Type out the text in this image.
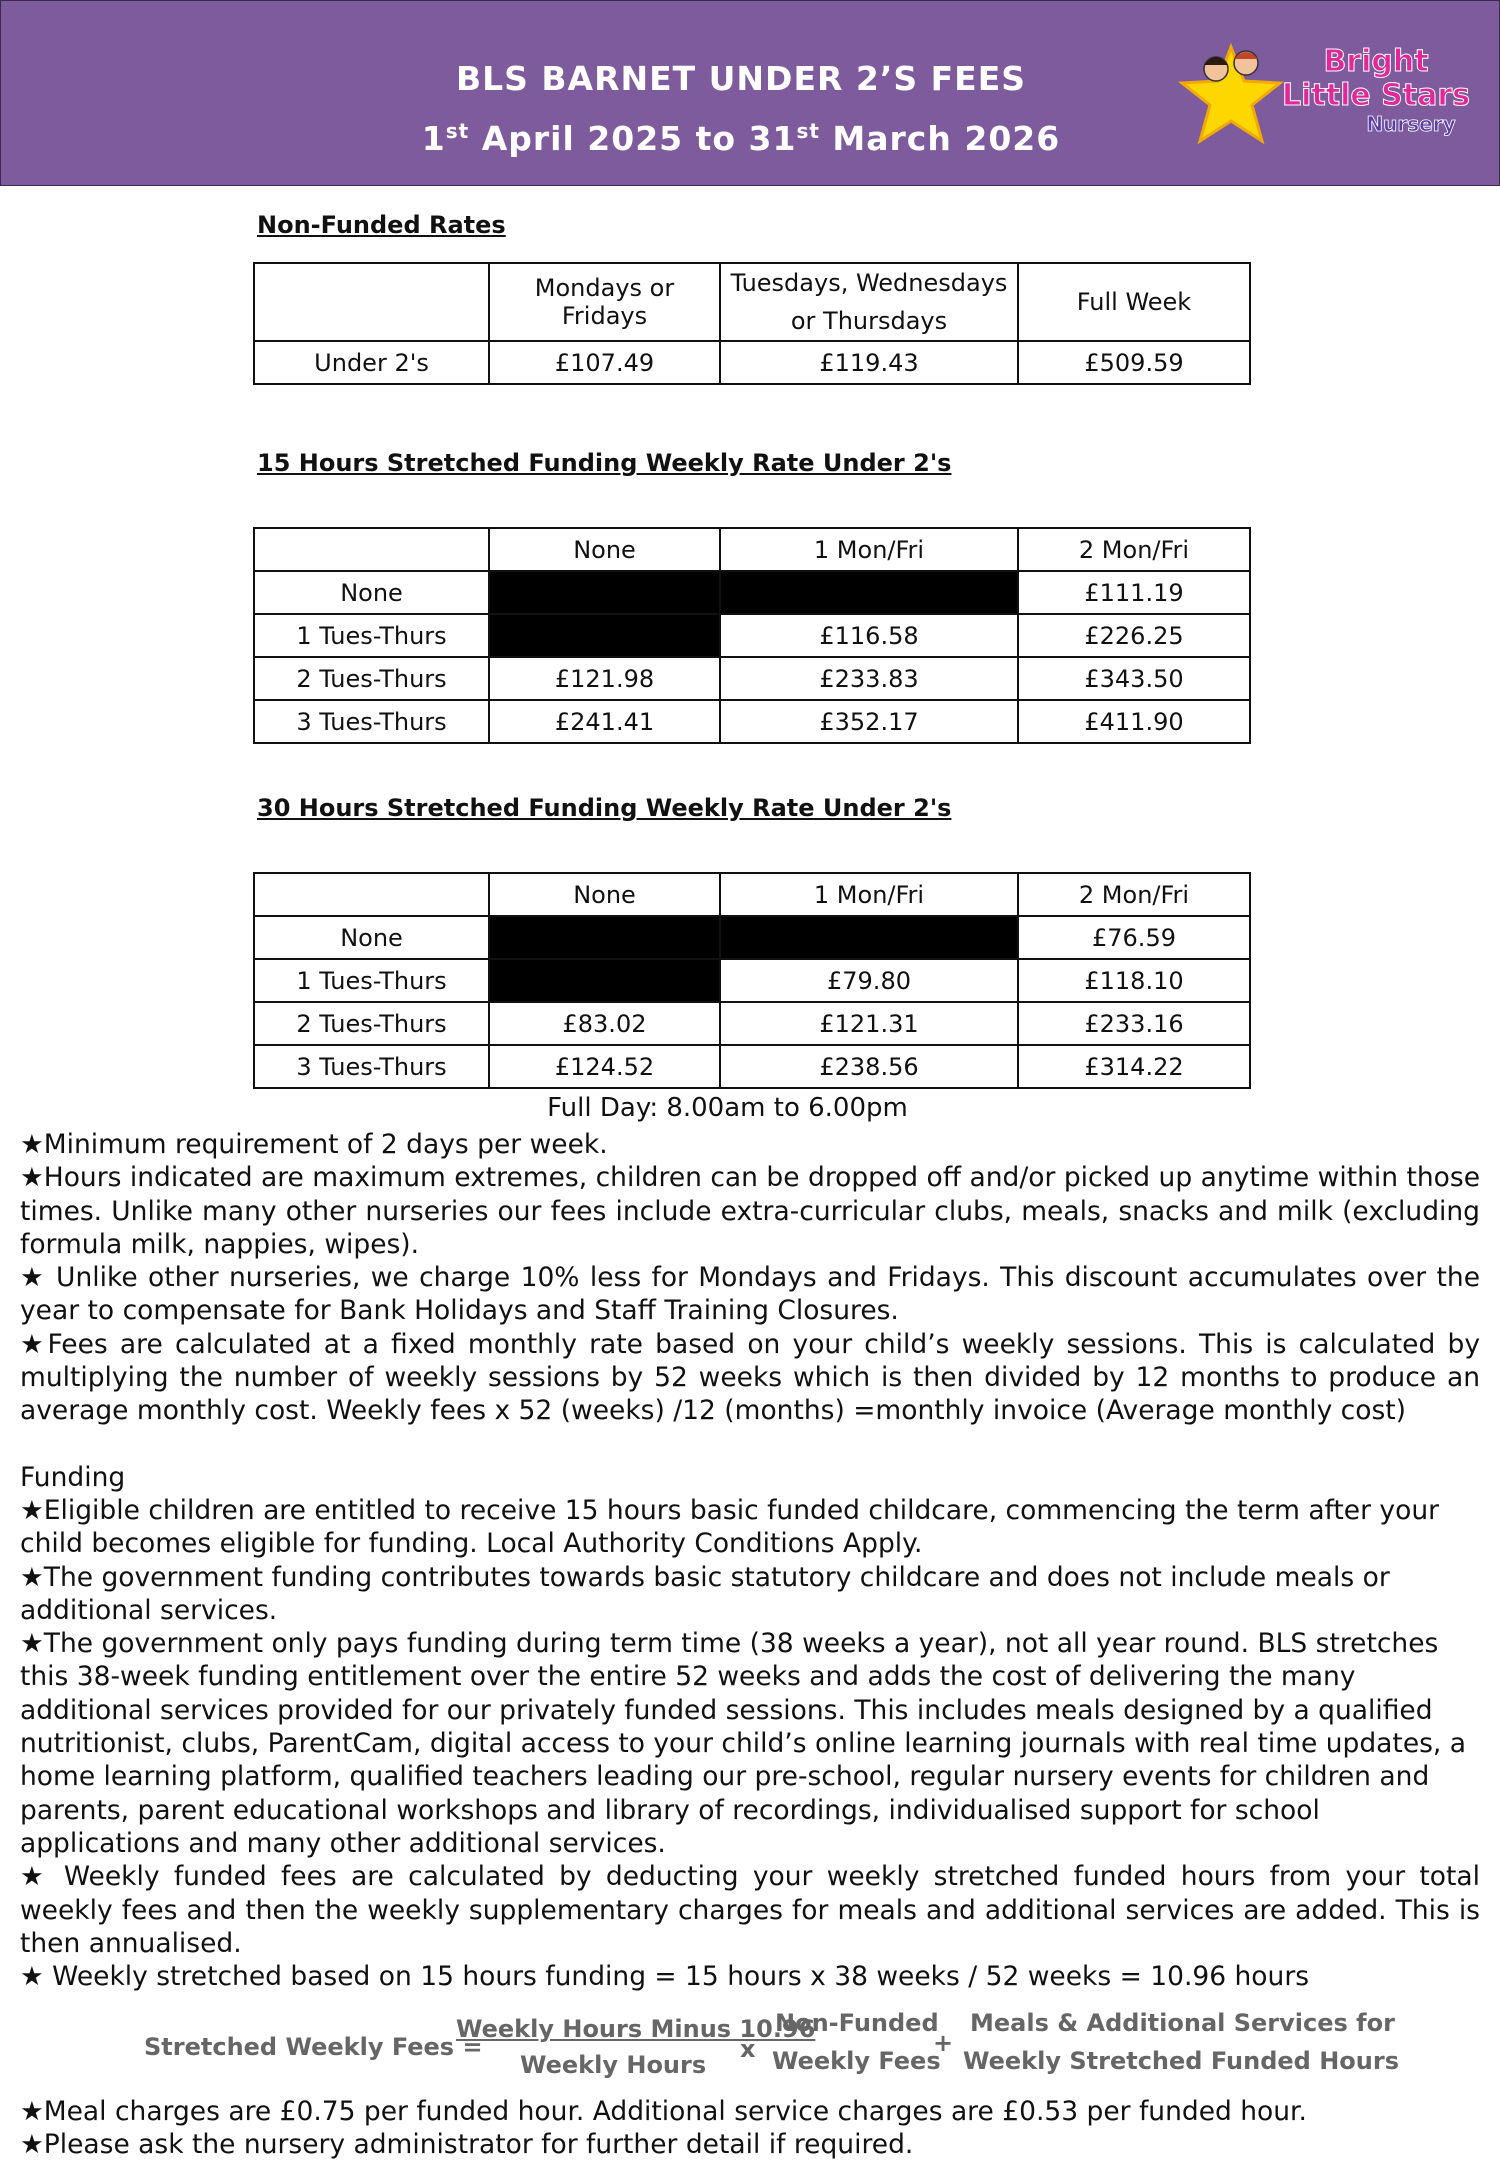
BLS BARNET UNDER 2’S FEES
1st April 2025 to 31st March 2026
Bright
Little Stars
Nursery
Non-Funded Rates
	Mondays or Fridays	Tuesdays, Wednesdays or Thursdays	Full Week
Under 2's	£107.49	£119.43	£509.59
15 Hours Stretched Funding Weekly Rate Under 2's
	None	1 Mon/Fri	2 Mon/Fri
None			£111.19
1 Tues-Thurs		£116.58	£226.25
2 Tues-Thurs	£121.98	£233.83	£343.50
3 Tues-Thurs	£241.41	£352.17	£411.90
30 Hours Stretched Funding Weekly Rate Under 2's
	None	1 Mon/Fri	2 Mon/Fri
None			£76.59
1 Tues-Thurs		£79.80	£118.10
2 Tues-Thurs	£83.02	£121.31	£233.16
3 Tues-Thurs	£124.52	£238.56	£314.22
Full Day: 8.00am to 6.00pm

★Minimum requirement of 2 days per week.

★Hours indicated are maximum extremes, children can be dropped off and/or picked up anytime within those times. Unlike many other nurseries our fees include extra-curricular clubs, meals, snacks and milk (excluding formula milk, nappies, wipes).

★ Unlike other nurseries, we charge 10% less for Mondays and Fridays. This discount accumulates over the year to compensate for Bank Holidays and Staff Training Closures.

★Fees are calculated at a fixed monthly rate based on your child’s weekly sessions. This is calculated by multiplying the number of weekly sessions by 52 weeks which is then divided by 12 months to produce an average monthly cost. Weekly fees x 52 (weeks) /12 (months) =monthly invoice (Average monthly cost)

Funding

★Eligible children are entitled to receive 15 hours basic funded childcare, commencing the term after your child becomes eligible for funding. Local Authority Conditions Apply.

★The government funding contributes towards basic statutory childcare and does not include meals or additional services.

★The government only pays funding during term time (38 weeks a year), not all year round. BLS stretches this 38-week funding entitlement over the entire 52 weeks and adds the cost of delivering the many additional services provided for our privately funded sessions. This includes meals designed by a qualified nutritionist, clubs, ParentCam, digital access to your child’s online learning journals with real time updates, a home learning platform, qualified teachers leading our pre-school, regular nursery events for children and parents, parent educational workshops and library of recordings, individualised support for school applications and many other additional services.

★ Weekly funded fees are calculated by deducting your weekly stretched funded hours from your total weekly fees and then the weekly supplementary charges for meals and additional services are added. This is then annualised.

★ Weekly stretched based on 15 hours funding = 15 hours x 38 weeks / 52 weeks = 10.96 hours

Stretched Weekly Fees =
Weekly Hours Minus 10.96
Weekly Hours
x
Non-Funded
Weekly Fees
+
Meals & Additional Services for
Weekly Stretched Funded Hours

★Meal charges are £0.75 per funded hour. Additional service charges are £0.53 per funded hour.

★Please ask the nursery administrator for further detail if required.
